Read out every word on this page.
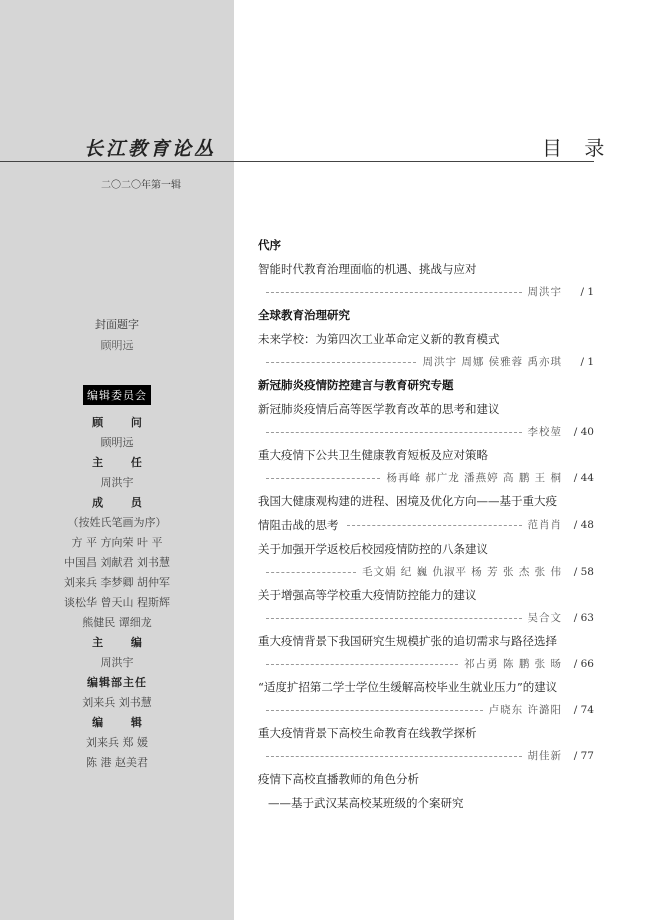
长江教育论丛
二〇二〇年第一辑
目 录
封面题字
顾明远
编辑委员会
顾 问
顾明远
主 任
周洪宇
成 员
（按姓氏笔画为序）
方 平 方向荣 叶 平
中国昌 刘献君 刘书慧
刘来兵 李梦卿 胡仲军
谈松华 曾天山 程斯辉
熊健民 谭细龙
主 编
周洪宇
编辑部主任
刘来兵 刘书慧
编 辑
刘来兵 郑 媛
陈 港 赵美君
代序
智能时代教育治理面临的机遇、挑战与应对
周洪宇	/ 1
全球教育治理研究
未来学校：为第四次工业革命定义新的教育模式
周洪宇 周娜 侯雅蓉 禹亦琪	/ 1
新冠肺炎疫情防控建言与教育研究专题
新冠肺炎疫情后高等医学教育改革的思考和建议
李校堃	/ 40
重大疫情下公共卫生健康教育短板及应对策略
杨再峰 郝广龙 潘燕婷 高 鹏 王 桐	/ 44
我国大健康观构建的进程、困境及优化方向——基于重大疫
情阻击战的思考	范肖肖	/ 48
关于加强开学返校后校园疫情防控的八条建议
毛文娟 纪 巍 仇淑平 杨 芳 张 杰 张 伟	/ 58
关于增强高等学校重大疫情防控能力的建议
吴合文	/ 63
重大疫情背景下我国研究生规模扩张的追切需求与路径选择
祁占勇 陈 鹏 张 旸	/ 66
“适度扩招第二学士学位生缓解高校毕业生就业压力”的建议
卢晓东 许潞阳	/ 74
重大疫情背景下高校生命教育在线教学探析
胡佳新	/ 77
疫情下高校直播教师的角色分析
——基于武汉某高校某班级的个案研究
